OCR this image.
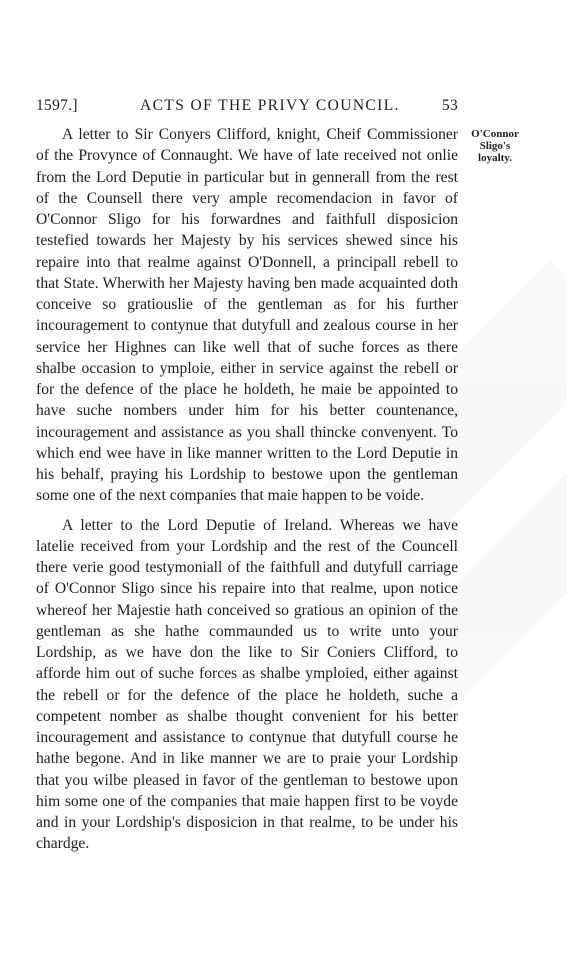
1597.]	ACTS OF THE PRIVY COUNCIL.	53
O'Connor
Sligo's
loyalty.

A letter to Sir Conyers Clifford, knight, Cheif Commissioner of the Provynce of Connaught. We have of late received not onlie from the Lord Deputie in particular but in gennerall from the rest of the Counsell there very ample recomendacion in favor of O'Connor Sligo for his forwardnes and faithfull disposicion testefied towards her Majesty by his services shewed since his repaire into that realme against O'Donnell, a principall rebell to that State. Wherwith her Majesty having ben made acquainted doth conceive so gratiouslie of the gentleman as for his further incouragement to contynue that dutyfull and zealous course in her service her Highnes can like well that of suche forces as there shalbe occasion to ymploie, either in service against the rebell or for the defence of the place he holdeth, he maie be appointed to have suche nombers under him for his better countenance, incouragement and assistance as you shall thincke convenyent. To which end wee have in like manner written to the Lord Deputie in his behalf, praying his Lordship to bestowe upon the gentleman some one of the next companies that maie happen to be voide.

A letter to the Lord Deputie of Ireland. Whereas we have latelie received from your Lordship and the rest of the Councell there verie good testymoniall of the faithfull and dutyfull carriage of O'Connor Sligo since his repaire into that realme, upon notice whereof her Majestie hath conceived so gratious an opinion of the gentleman as she hathe commaunded us to write unto your Lordship, as we have don the like to Sir Coniers Clifford, to afforde him out of suche forces as shalbe ymploied, either against the rebell or for the defence of the place he holdeth, suche a competent nomber as shalbe thought convenient for his better incouragement and assistance to contynue that dutyfull course he hathe begone. And in like manner we are to praie your Lordship that you wilbe pleased in favor of the gentleman to bestowe upon him some one of the companies that maie happen first to be voyde and in your Lordship's disposicion in that realme, to be under his chardge.
